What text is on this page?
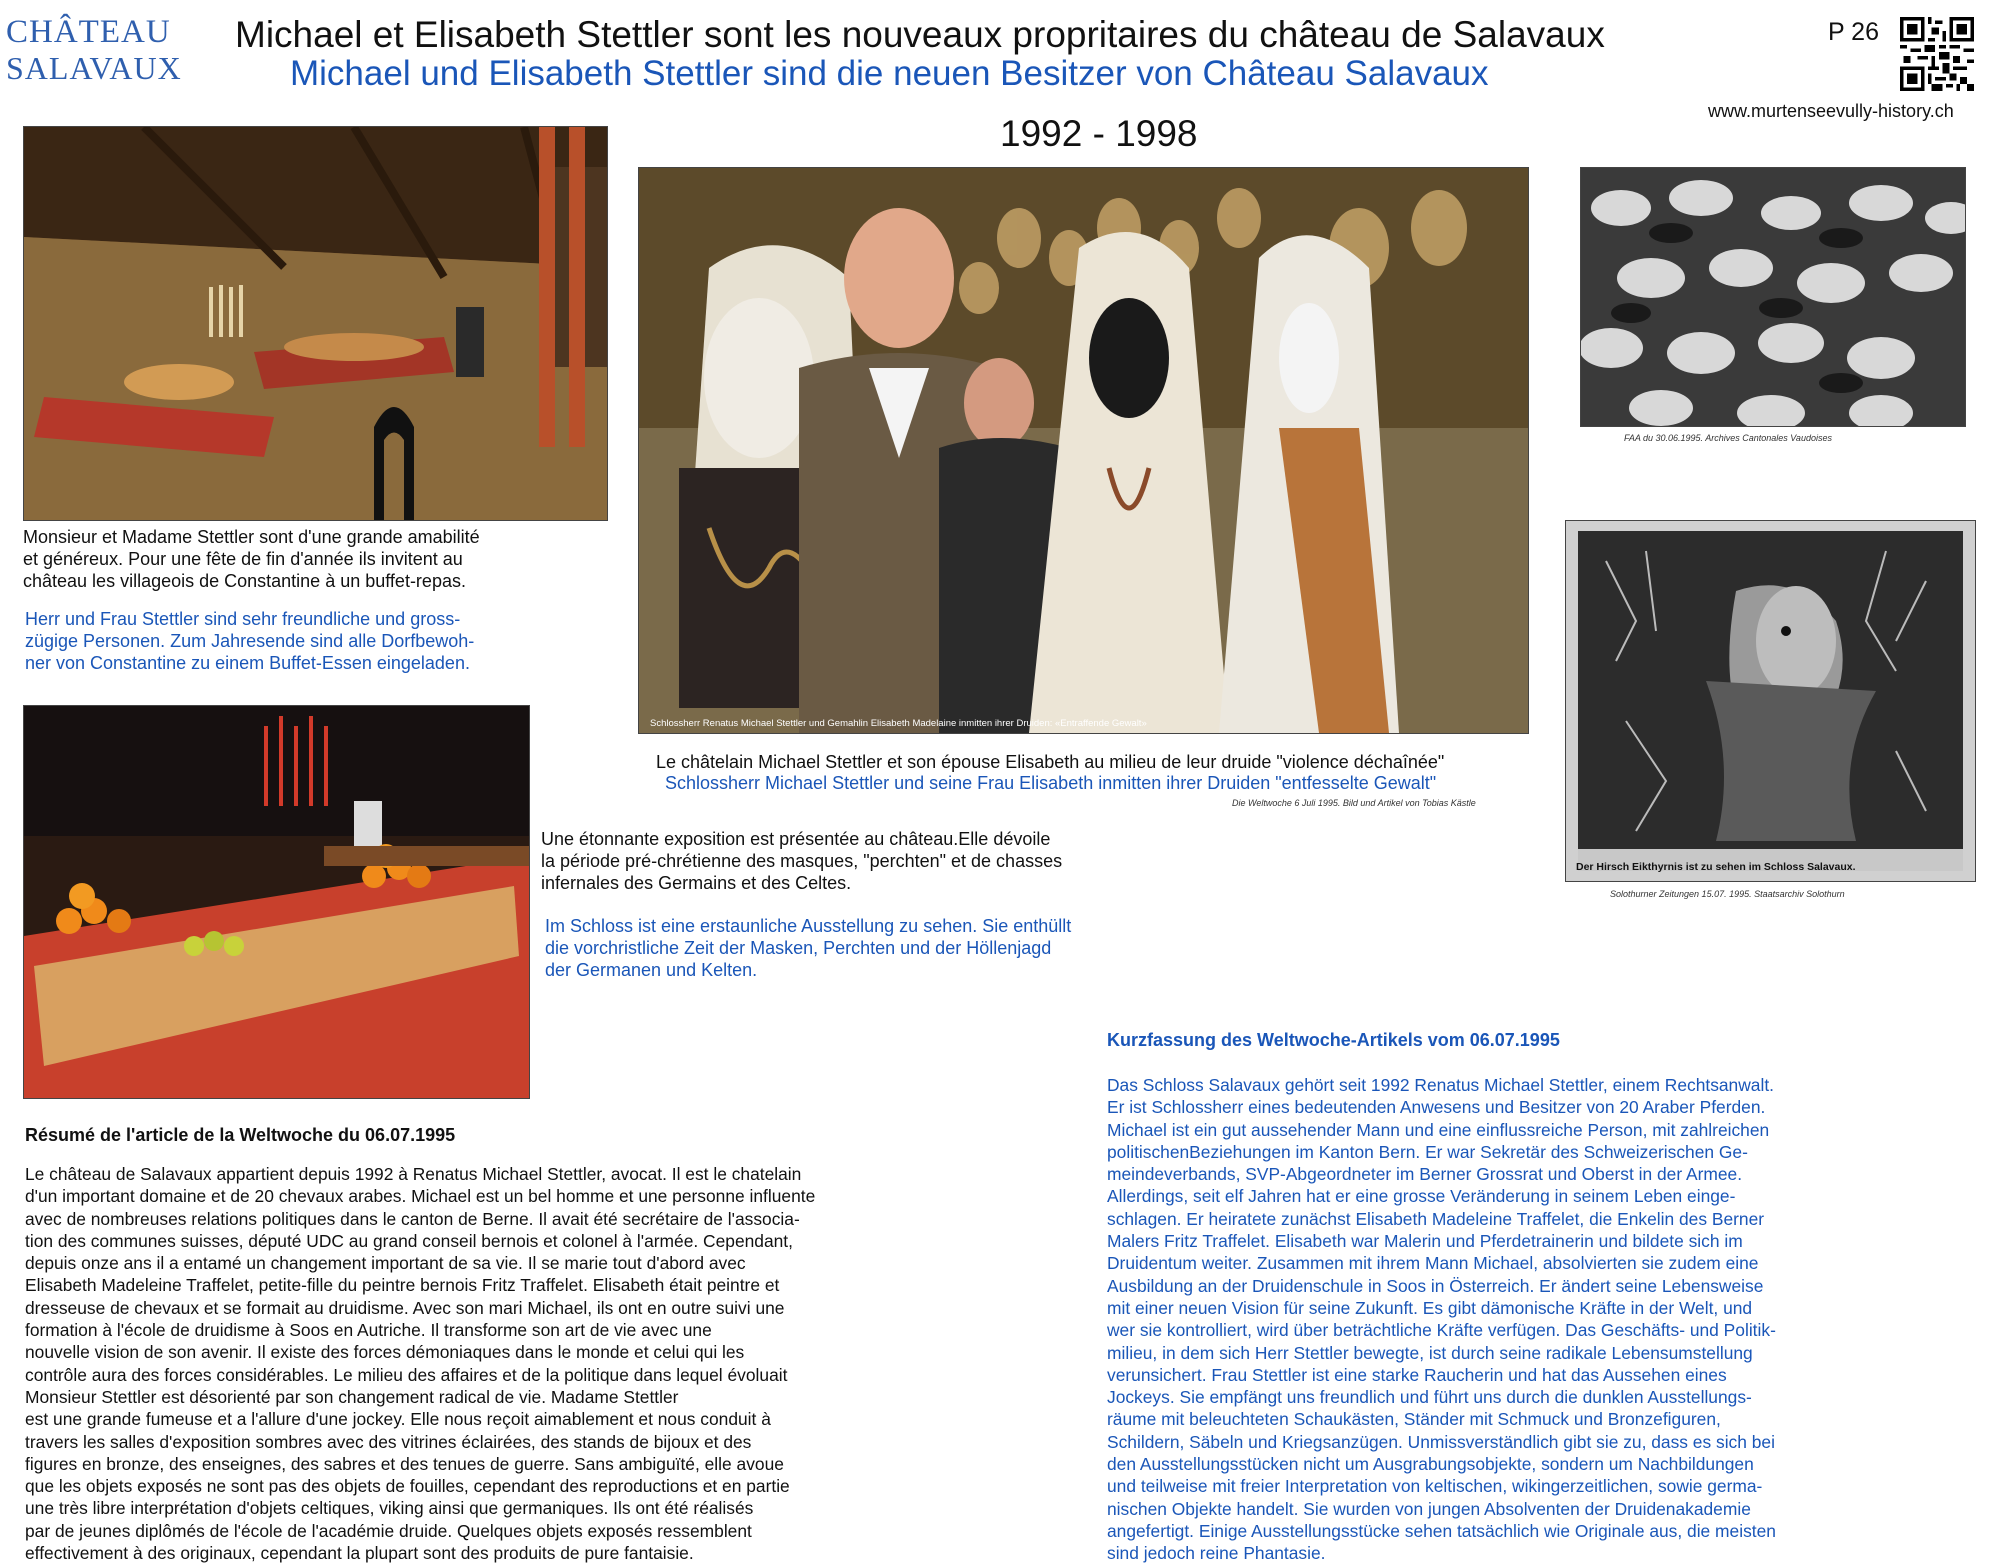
CHÂTEAU
SALAVAUX
Michael et Elisabeth Stettler sont les nouveaux propritaires du château de Salavaux
Michael und Elisabeth Stettler sind die neuen Besitzer von Château Salavaux
1992 - 1998
P 26
www.murtenseevully-history.ch

Monsieur et Madame Stettler sont d'une grande amabilité
et généreux. Pour une fête de fin d'année ils invitent au
château les villageois de Constantine à un buffet-repas.

Herr und Frau Stettler sind sehr freundliche und gross-
zügige Personen. Zum Jahresende sind alle Dorfbewoh-
ner von Constantine zu einem Buffet-Essen eingeladen.

Schlossherr Renatus Michael Stettler und Gemahlin Elisabeth Madelaine inmitten ihrer Druiden: «Entraffende Gewalt»
Le châtelain Michael Stettler et son épouse Elisabeth au milieu de leur druide "violence déchaînée"
Schlossherr Michael Stettler und seine Frau Elisabeth inmitten ihrer Druiden "entfesselte Gewalt"
Die Weltwoche 6 Juli 1995. Bild und Artikel von Tobias Kästle
FAA du 30.06.1995. Archives Cantonales Vaudoises
Der Hirsch Eikthyrnis ist zu sehen im Schloss Salavaux.
Solothurner Zeitungen 15.07. 1995. Staatsarchiv Solothurn

Une étonnante exposition est présentée au château.Elle dévoile
la période pré-chrétienne des masques, "perchten" et de chasses
infernales des Germains et des Celtes.

Im Schloss ist eine erstaunliche Ausstellung zu sehen. Sie enthüllt
die vorchristliche Zeit der Masken, Perchten und der Höllenjagd
der Germanen und Kelten.

Résumé de l'article de la Weltwoche du 06.07.1995

Le château de Salavaux appartient depuis 1992 à Renatus Michael Stettler, avocat. Il est le chatelain
d'un important domaine et de 20 chevaux arabes. Michael est un bel homme et une personne influente
avec de nombreuses relations politiques dans le canton de Berne. Il avait été secrétaire de l'associa-
tion des communes suisses, député UDC au grand conseil bernois et colonel à l'armée. Cependant,
depuis onze ans il a entamé un changement important de sa vie. Il se marie tout d'abord avec
Elisabeth Madeleine Traffelet, petite-fille du peintre bernois Fritz Traffelet. Elisabeth était peintre et
dresseuse de chevaux et se formait au druidisme. Avec son mari Michael, ils ont en outre suivi une
formation à l'école de druidisme à Soos en Autriche. Il transforme son art de vie avec une
nouvelle vision de son avenir. Il existe des forces démoniaques dans le monde et celui qui les
contrôle aura des forces considérables. Le milieu des affaires et de la politique dans lequel évoluait
Monsieur Stettler est désorienté par son changement radical de vie. Madame Stettler
est une grande fumeuse et a l'allure d'une jockey. Elle nous reçoit aimablement et nous conduit à
travers les salles d'exposition sombres avec des vitrines éclairées, des stands de bijoux et des
figures en bronze, des enseignes, des sabres et des tenues de guerre. Sans ambiguïté, elle avoue
que les objets exposés ne sont pas des objets de fouilles, cependant des reproductions et en partie
une très libre interprétation d'objets celtiques, viking ainsi que germaniques. Ils ont été réalisés
par de jeunes diplômés de l'école de l'académie druide. Quelques objets exposés ressemblent
effectivement à des originaux, cependant la plupart sont des produits de pure fantaisie.

Kurzfassung des Weltwoche-Artikels vom 06.07.1995

Das Schloss Salavaux gehört seit 1992 Renatus Michael Stettler, einem Rechtsanwalt.
Er ist Schlossherr eines bedeutenden Anwesens und Besitzer von 20 Araber Pferden.
Michael ist ein gut aussehender Mann und eine einflussreiche Person, mit zahlreichen
politischenBeziehungen im Kanton Bern. Er war Sekretär des Schweizerischen Ge-
meindeverbands, SVP-Abgeordneter im Berner Grossrat und Oberst in der Armee.
Allerdings, seit elf Jahren hat er eine grosse Veränderung in seinem Leben einge-
schlagen. Er heiratete zunächst Elisabeth Madeleine Traffelet, die Enkelin des Berner
Malers Fritz Traffelet. Elisabeth war Malerin und Pferdetrainerin und bildete sich im
Druidentum weiter. Zusammen mit ihrem Mann Michael, absolvierten sie zudem eine
Ausbildung an der Druidenschule in Soos in Österreich. Er ändert seine Lebensweise
mit einer neuen Vision für seine Zukunft. Es gibt dämonische Kräfte in der Welt, und
wer sie kontrolliert, wird über beträchtliche Kräfte verfügen. Das Geschäfts- und Politik-
milieu, in dem sich Herr Stettler bewegte, ist durch seine radikale Lebensumstellung
verunsichert. Frau Stettler ist eine starke Raucherin und hat das Aussehen eines
Jockeys. Sie empfängt uns freundlich und führt uns durch die dunklen Ausstellungs-
räume mit beleuchteten Schaukästen, Ständer mit Schmuck und Bronzefiguren,
Schildern, Säbeln und Kriegsanzügen. Unmissverständlich gibt sie zu, dass es sich bei
den Ausstellungsstücken nicht um Ausgrabungsobjekte, sondern um Nachbildungen
und teilweise mit freier Interpretation von keltischen, wikingerzeitlichen, sowie germa-
nischen Objekte handelt. Sie wurden von jungen Absolventen der Druidenakademie
angefertigt. Einige Ausstellungsstücke sehen tatsächlich wie Originale aus, die meisten
sind jedoch reine Phantasie.
